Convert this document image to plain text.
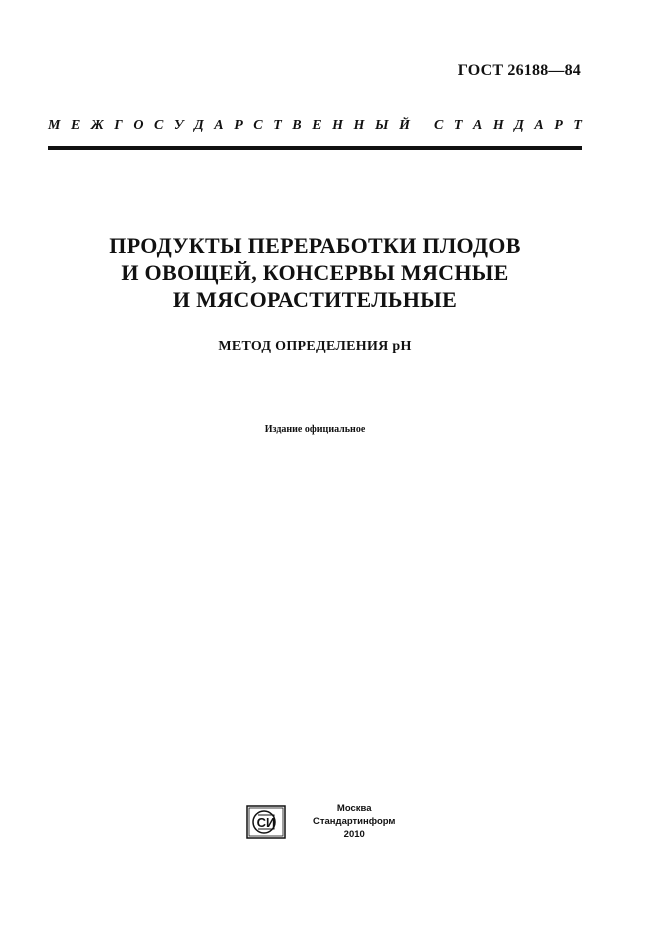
ГОСТ 26188—84
М Е Ж Г О С У Д А Р С Т В Е Н Н Ы Й С Т А Н Д А Р Т
ПРОДУКТЫ ПЕРЕРАБОТКИ ПЛОДОВ
И ОВОЩЕЙ, КОНСЕРВЫ МЯСНЫЕ
И МЯСОРАСТИТЕЛЬНЫЕ
МЕТОД ОПРЕДЕЛЕНИЯ pH
Издание официальное
СИ
Москва
Стандартинформ
2010
